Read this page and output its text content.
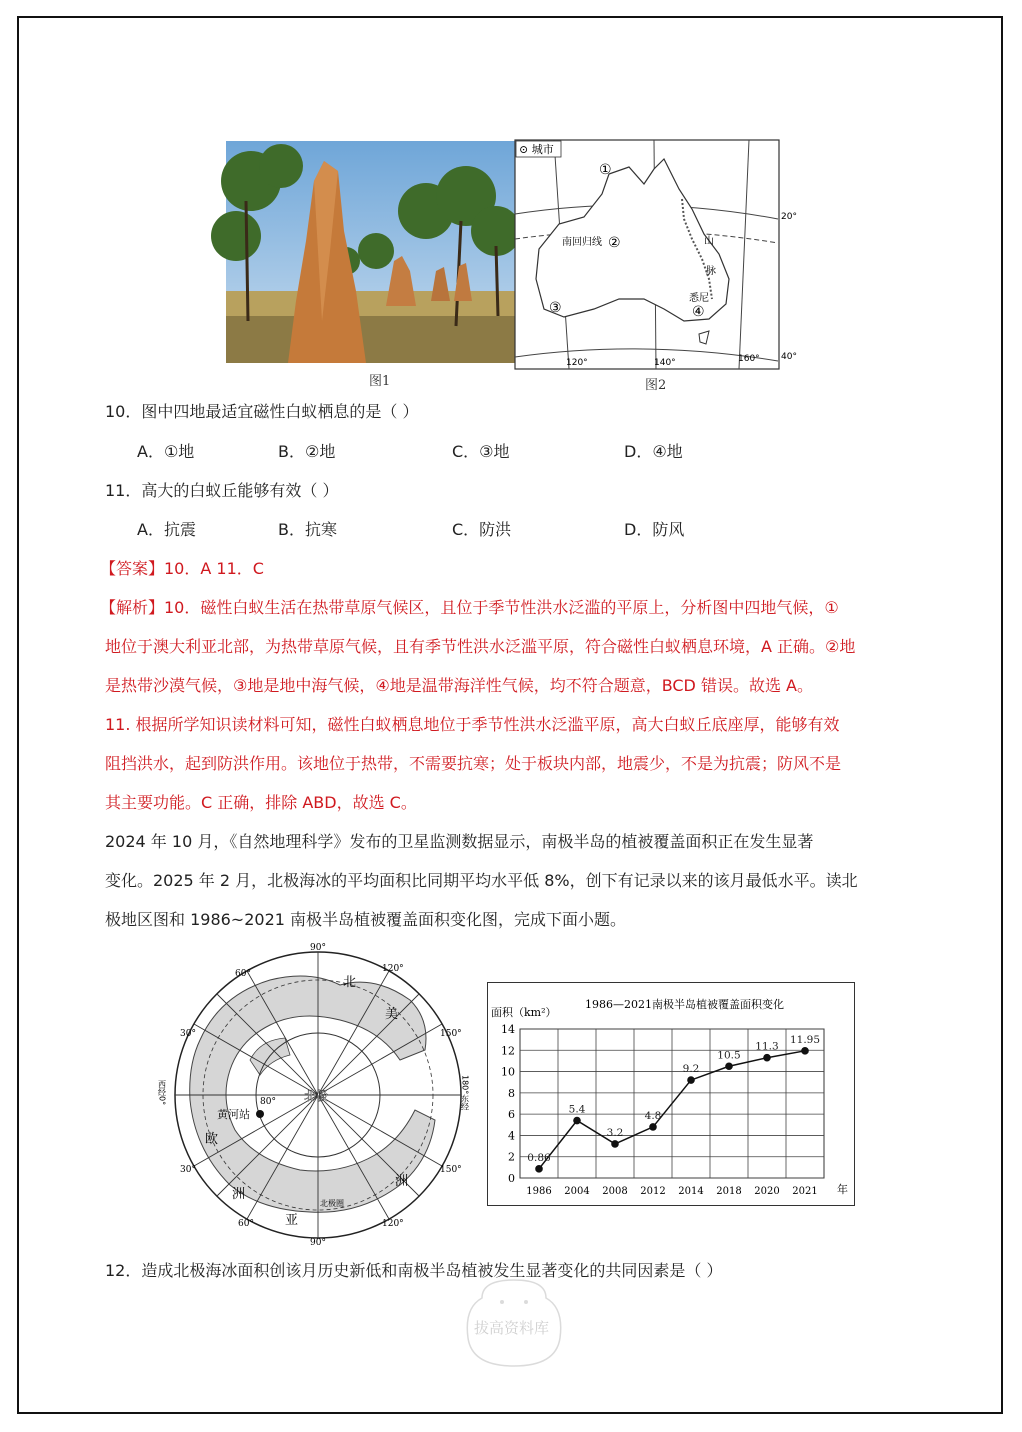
图1
⊙ 城市
①
②
③	④
南回归线	山
脉
悉尼
20°
40°
120°	140°	160°
图2
10．图中四地最适宜磁性白蚁栖息的是（ ）
A．①地	B．②地	C．③地	D．④地
11．高大的白蚁丘能够有效（ ）
A．抗震	B．抗寒	C．防洪	D．防风
【答案】10．A 11．C
【解析】10．磁性白蚁生活在热带草原气候区，且位于季节性洪水泛滥的平原上，分析图中四地气候，①
地位于澳大利亚北部，为热带草原气候，且有季节性洪水泛滥平原，符合磁性白蚁栖息环境，A 正确。②地
是热带沙漠气候，③地是地中海气候，④地是温带海洋性气候，均不符合题意，BCD 错误。故选 A。
11. 根据所学知识读材料可知，磁性白蚁栖息地位于季节性洪水泛滥平原，高大白蚁丘底座厚，能够有效
阻挡洪水，起到防洪作用。该地位于热带，不需要抗寒；处于板块内部，地震少，不是为抗震；防风不是
其主要功能。C 正确，排除 ABD，故选 C。
2024 年 10 月，《自然地理科学》发布的卫星监测数据显示，南极半岛的植被覆盖面积正在发生显著
变化。2025 年 2 月，北极海冰的平均面积比同期平均水平低 8%，创下有记录以来的该月最低水平。读北
极地区图和 1986~2021 南极半岛植被覆盖面积变化图，完成下面小题。
90°
90°
60°
30°
30°
60°
120°
150°
150°
120°
西经0°	180°东经
北极
80°
黄河站
北
美
洲
欧
洲
亚
北极圈
1986—2021南极半岛植被覆盖面积变化
面积（km²）
年
0
2
4
6
8
10
12
14
1986 2004 2008 2012 2014 2018 2020 2021
0.86
5.4
3.2
4.8
9.2
10.5
11.3
11.95
12．造成北极海冰面积创该月历史新低和南极半岛植被发生显著变化的共同因素是（ ）
拔高资料库
